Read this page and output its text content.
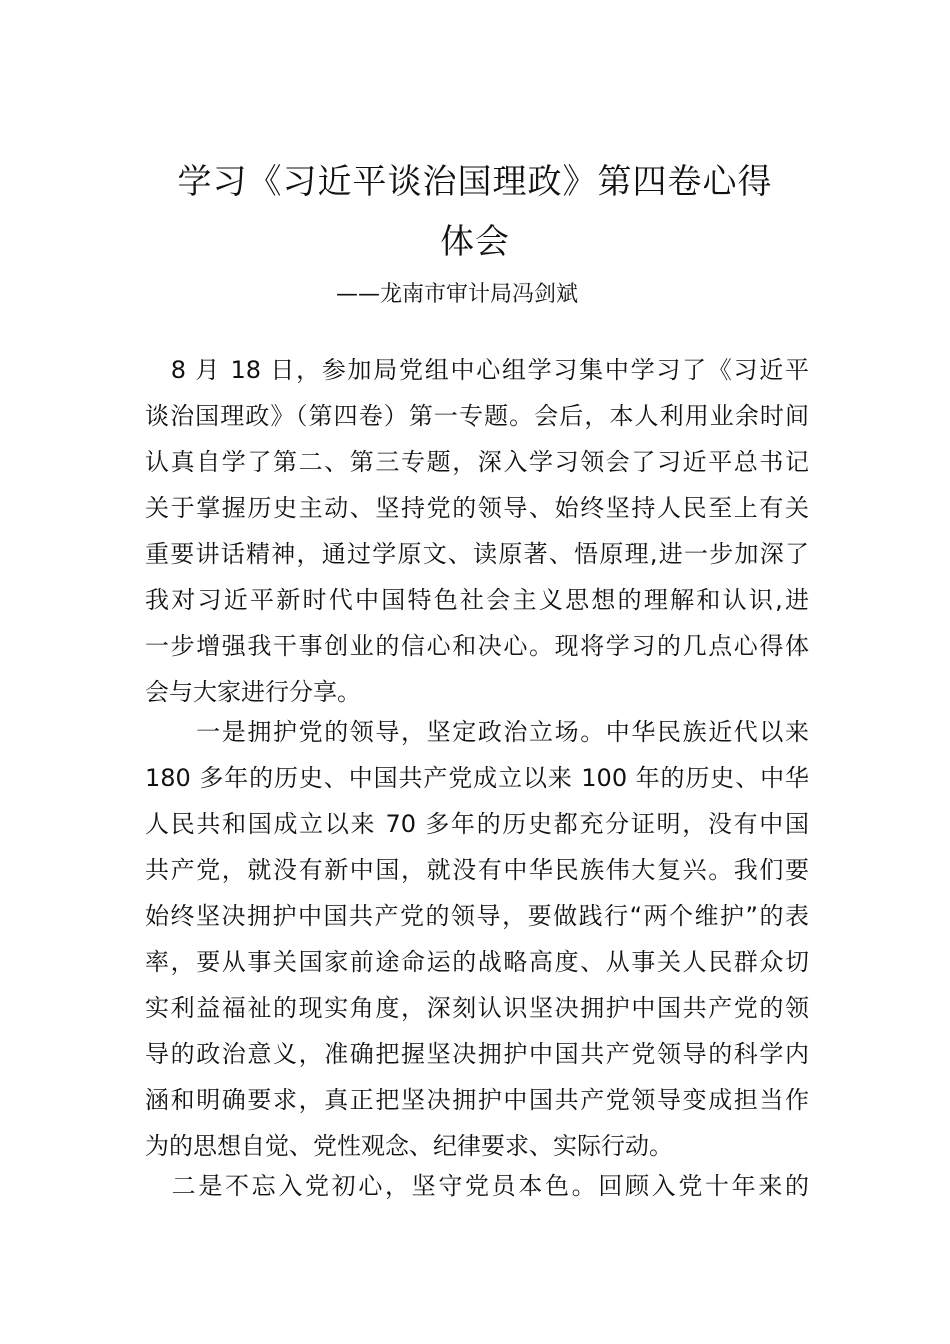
学习《习近平谈治国理政》第四卷心得
体会
——龙南市审计局冯剑斌
　8 月 18 日，参加局党组中心组学习集中学习了《习近平
谈治国理政》（第四卷）第一专题。会后，本人利用业余时间
认真自学了第二、第三专题，深入学习领会了习近平总书记
关于掌握历史主动、坚持党的领导、始终坚持人民至上有关
重要讲话精神，通过学原文、读原著、悟原理,进一步加深了
我对习近平新时代中国特色社会主义思想的理解和认识,进
一步增强我干事创业的信心和决心。现将学习的几点心得体
会与大家进行分享。
　　一是拥护党的领导，坚定政治立场。中华民族近代以来
180 多年的历史、中国共产党成立以来 100 年的历史、中华
人民共和国成立以来 70 多年的历史都充分证明，没有中国
共产党，就没有新中国，就没有中华民族伟大复兴。我们要
始终坚决拥护中国共产党的领导，要做践行“两个维护”的表
率，要从事关国家前途命运的战略高度、从事关人民群众切
实利益福祉的现实角度，深刻认识坚决拥护中国共产党的领
导的政治意义，准确把握坚决拥护中国共产党领导的科学内
涵和明确要求，真正把坚决拥护中国共产党领导变成担当作
为的思想自觉、党性观念、纪律要求、实际行动。
　二是不忘入党初心，坚守党员本色。回顾入党十年来的
